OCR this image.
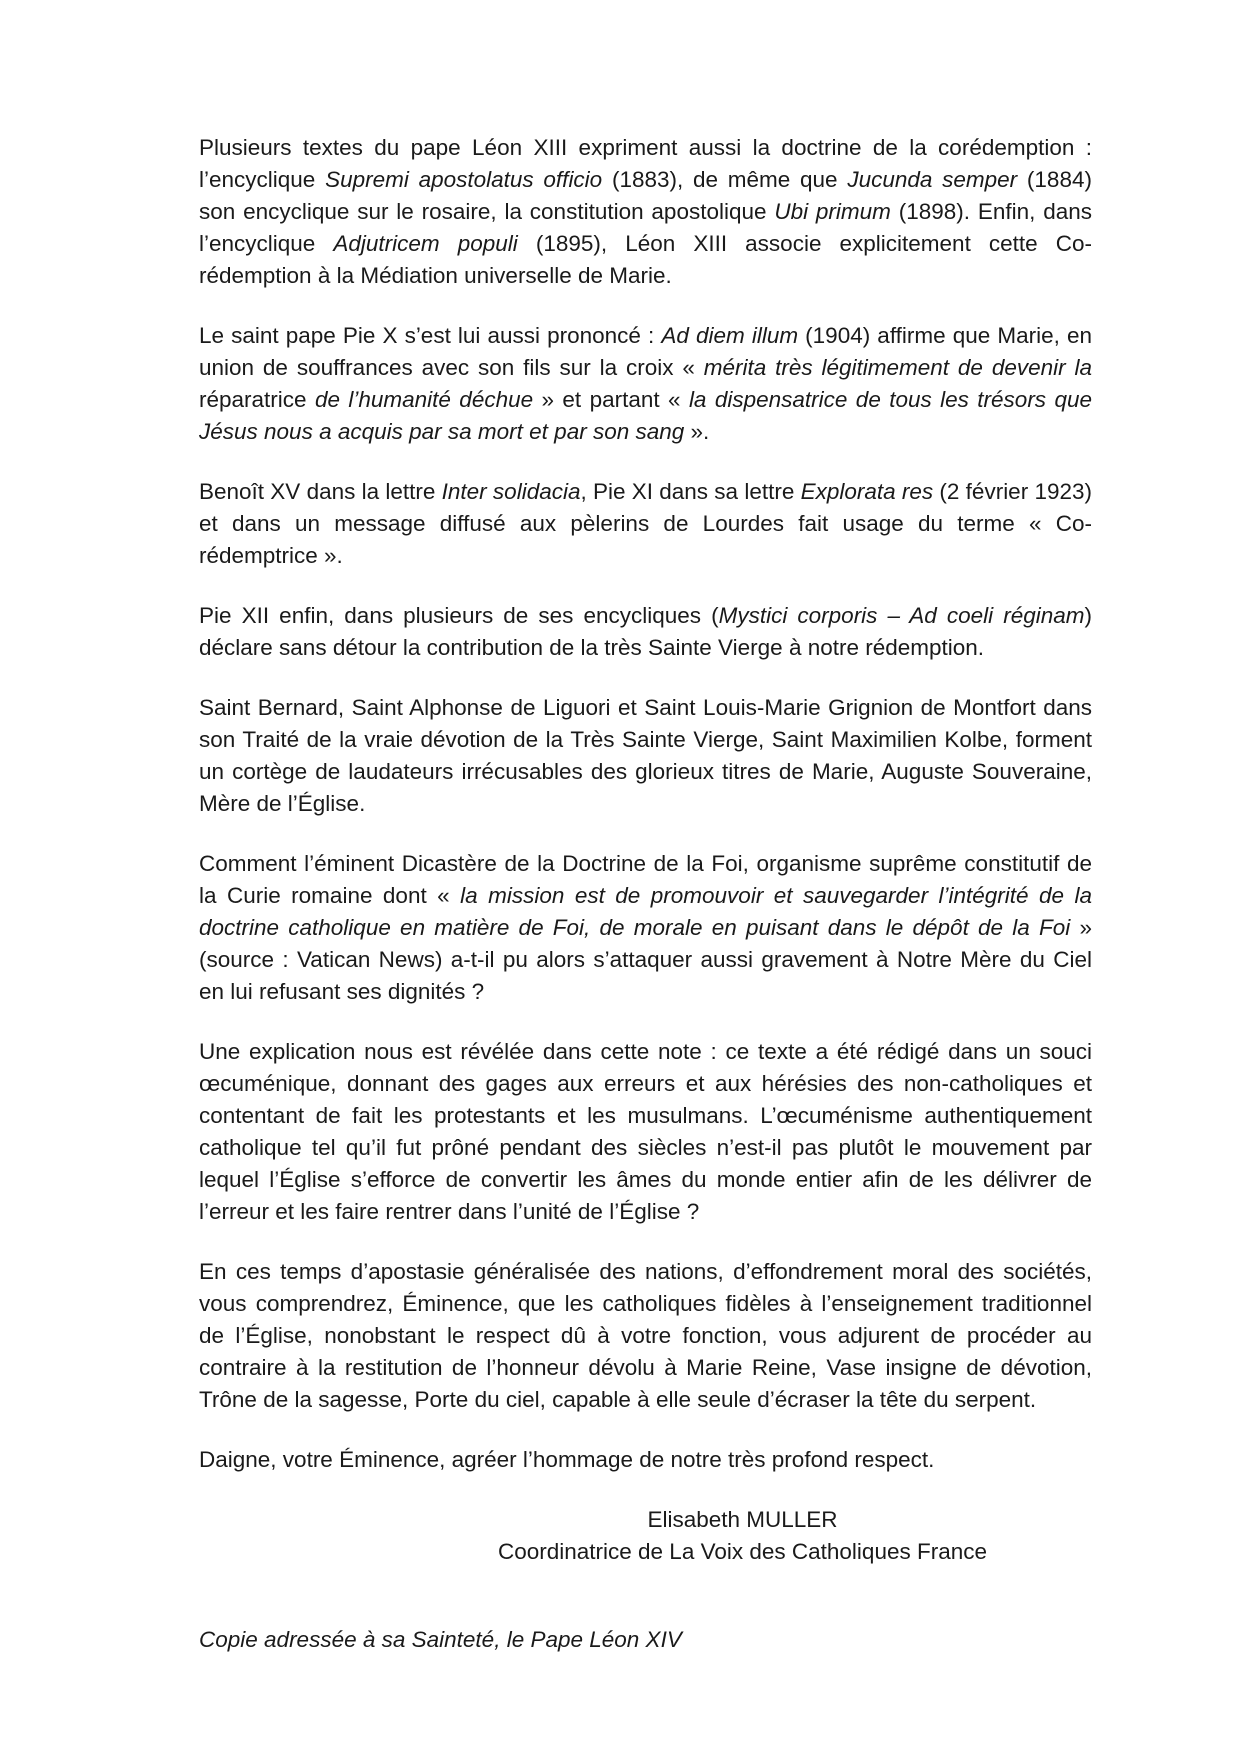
Plusieurs textes du pape Léon XIII expriment aussi la doctrine de la corédemption : l’encyclique Supremi apostolatus officio (1883), de même que Jucunda semper (1884) son encyclique sur le rosaire, la constitution apostolique Ubi primum (1898). Enfin, dans l’encyclique Adjutricem populi (1895), Léon XIII associe explicitement cette Co-rédemption à la Médiation universelle de Marie.

Le saint pape Pie X s’est lui aussi prononcé : Ad diem illum (1904) affirme que Marie, en union de souffrances avec son fils sur la croix « mérita très légitimement de devenir la réparatrice de l’humanité déchue » et partant « la dispensatrice de tous les trésors que Jésus nous a acquis par sa mort et par son sang ».

Benoît XV dans la lettre Inter solidacia, Pie XI dans sa lettre Explorata res (2 février 1923) et dans un message diffusé aux pèlerins de Lourdes fait usage du terme « Co-rédemptrice ».

Pie XII enfin, dans plusieurs de ses encycliques (Mystici corporis – Ad coeli réginam) déclare sans détour la contribution de la très Sainte Vierge à notre rédemption.

Saint Bernard, Saint Alphonse de Liguori et Saint Louis-Marie Grignion de Montfort dans son Traité de la vraie dévotion de la Très Sainte Vierge, Saint Maximilien Kolbe, forment un cortège de laudateurs irrécusables des glorieux titres de Marie, Auguste Souveraine, Mère de l’Église.

Comment l’éminent Dicastère de la Doctrine de la Foi, organisme suprême constitutif de la Curie romaine dont « la mission est de promouvoir et sauvegarder l’intégrité de la doctrine catholique en matière de Foi, de morale en puisant dans le dépôt de la Foi » (source : Vatican News) a-t-il pu alors s’attaquer aussi gravement à Notre Mère du Ciel en lui refusant ses dignités ?

Une explication nous est révélée dans cette note : ce texte a été rédigé dans un souci œcuménique, donnant des gages aux erreurs et aux hérésies des non-catholiques et contentant de fait les protestants et les musulmans. L’œcuménisme authentiquement catholique tel qu’il fut prôné pendant des siècles n’est-il pas plutôt le mouvement par lequel l’Église s’efforce de convertir les âmes du monde entier afin de les délivrer de l’erreur et les faire rentrer dans l’unité de l’Église ?

En ces temps d’apostasie généralisée des nations, d’effondrement moral des sociétés, vous comprendrez, Éminence, que les catholiques fidèles à l’enseignement traditionnel de l’Église, nonobstant le respect dû à votre fonction, vous adjurent de procéder au contraire à la restitution de l’honneur dévolu à Marie Reine, Vase insigne de dévotion, Trône de la sagesse, Porte du ciel, capable à elle seule d’écraser la tête du serpent.

Daigne, votre Éminence, agréer l’hommage de notre très profond respect.

Elisabeth MULLER
Coordinatrice de La Voix des Catholiques France
Copie adressée à sa Sainteté, le Pape Léon XIV
